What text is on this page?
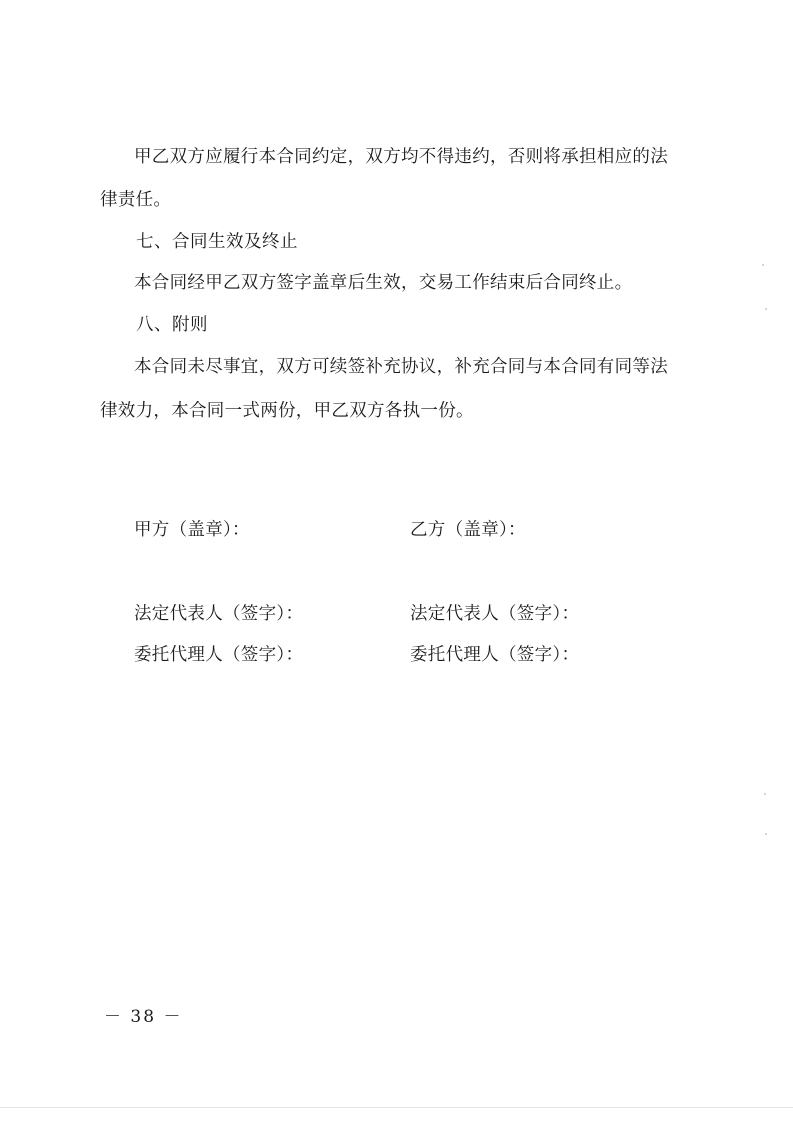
甲乙双方应履行本合同约定，双方均不得违约，否则将承担相应的法
律责任。
七、合同生效及终止
本合同经甲乙双方签字盖章后生效，交易工作结束后合同终止。
八、附则
本合同未尽事宜，双方可续签补充协议，补充合同与本合同有同等法
律效力，本合同一式两份，甲乙双方各执一份。
甲方（盖章）：	乙方（盖章）：
法定代表人（签字）：	法定代表人（签字）：
委托代理人（签字）：	委托代理人（签字）：
－ 38 －
